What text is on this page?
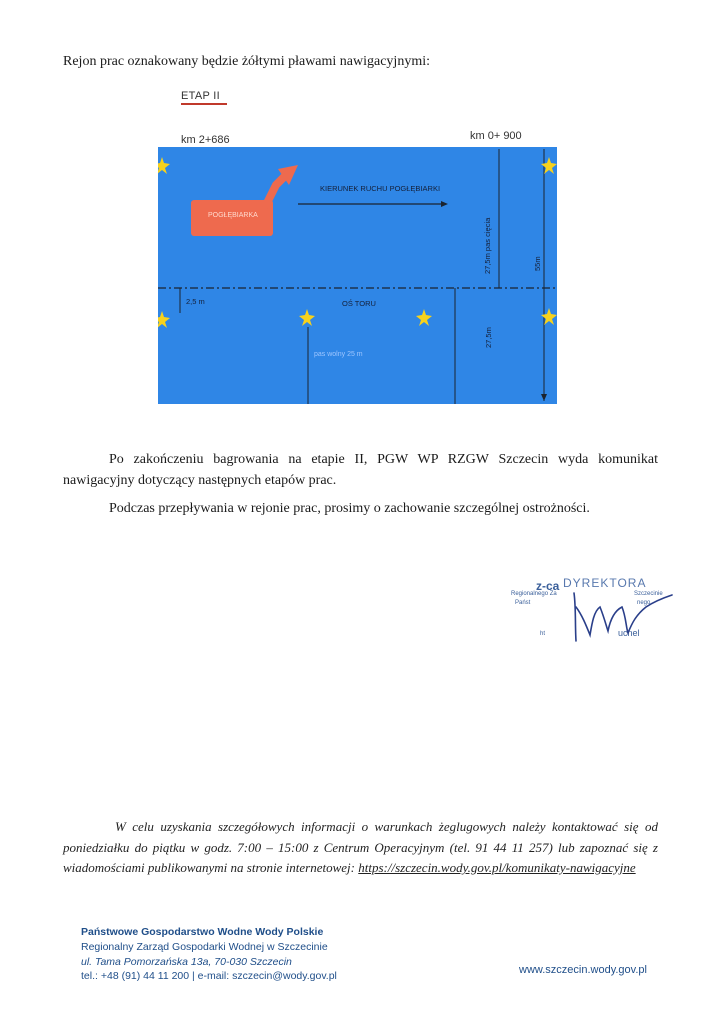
Rejon prac oznakowany będzie żółtymi pławami nawigacyjnymi:
ETAP II
km 2+686	km 0+ 900
POGŁĘBIARKA
KIERUNEK RUCHU POGŁĘBIARKI
OŚ TORU
2,5 m
27,5m pas cięcia	55m
27,5m
pas wolny 25 m
Po zakończeniu bagrowania na etapie II, PGW WP RZGW Szczecin wyda komunikat nawigacyjny dotyczący następnych etapów prac.
Podczas przepływania w rejonie prac, prosimy o zachowanie szczególnej ostrożności.
z-ca DYREKTORA
Regionalnego Za
Państ
Szczecinie
nego
ht	ucnel
W celu uzyskania szczegółowych informacji o warunkach żeglugowych należy kontaktować się od poniedziałku do piątku w godz. 7:00 – 15:00 z Centrum Operacyjnym (tel. 91 44 11 257) lub zapoznać się z wiadomościami publikowanymi na stronie internetowej: https://szczecin.wody.gov.pl/komunikaty-nawigacyjne
Państwowe Gospodarstwo Wodne Wody Polskie
Regionalny Zarząd Gospodarki Wodnej w Szczecinie
ul. Tama Pomorzańska 13a, 70-030 Szczecin
tel.: +48 (91) 44 11 200 | e-mail: szczecin@wody.gov.pl	www.szczecin.wody.gov.pl
